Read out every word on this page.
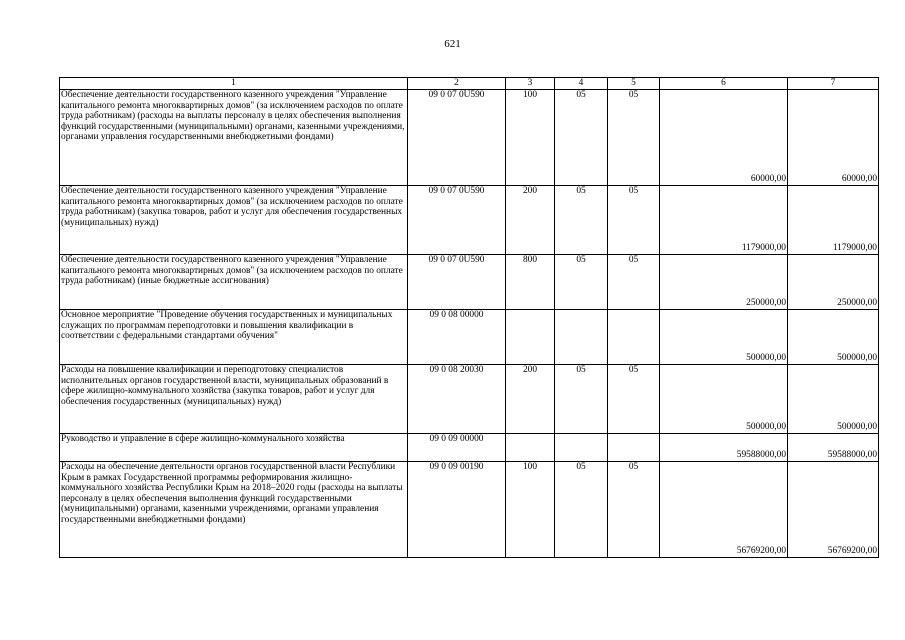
621
1	2	3	4	5	6	7
Обеспечение деятельности государственного казенного учреждения "Управление капитального ремонта многоквартирных домов" (за исключением расходов по оплате труда работникам) (расходы на выплаты персоналу в целях обеспечения выполнения функций государственными (муниципальными) органами, казенными учреждениями, органами управления государственными внебюджетными фондами)	09 0 07 0U590	100	05	05	60000,00	60000,00
Обеспечение деятельности государственного казенного учреждения "Управление капитального ремонта многоквартирных домов" (за исключением расходов по оплате труда работникам) (закупка товаров, работ и услуг для обеспечения государственных (муниципальных) нужд)	09 0 07 0U590	200	05	05	1179000,00	1179000,00
Обеспечение деятельности государственного казенного учреждения "Управление капитального ремонта многоквартирных домов" (за исключением расходов по оплате труда работникам) (иные бюджетные ассигнования)	09 0 07 0U590	800	05	05	250000,00	250000,00
Основное мероприятие "Проведение обучения государственных и муниципальных служащих по программам переподготовки и повышения квалификации в соответствии с федеральными стандартами обучения"	09 0 08 00000				500000,00	500000,00
Расходы на повышение квалификации и переподготовку специалистов исполнительных органов государственной власти, муниципальных образований в сфере жилищно-коммунального хозяйства (закупка товаров, работ и услуг для обеспечения государственных (муниципальных) нужд)	09 0 08 20030	200	05	05	500000,00	500000,00
Руководство и управление в сфере жилищно-коммунального хозяйства	09 0 09 00000				59588000,00	59588000,00
Расходы на обеспечение деятельности органов государственной власти Республики Крым в рамках Государственной программы реформирования жилищно-коммунального хозяйства Республики Крым на 2018–2020 годы (расходы на выплаты персоналу в целях обеспечения выполнения функций государственными (муниципальными) органами, казенными учреждениями, органами управления государственными внебюджетными фондами)	09 0 09 00190	100	05	05	56769200,00	56769200,00
